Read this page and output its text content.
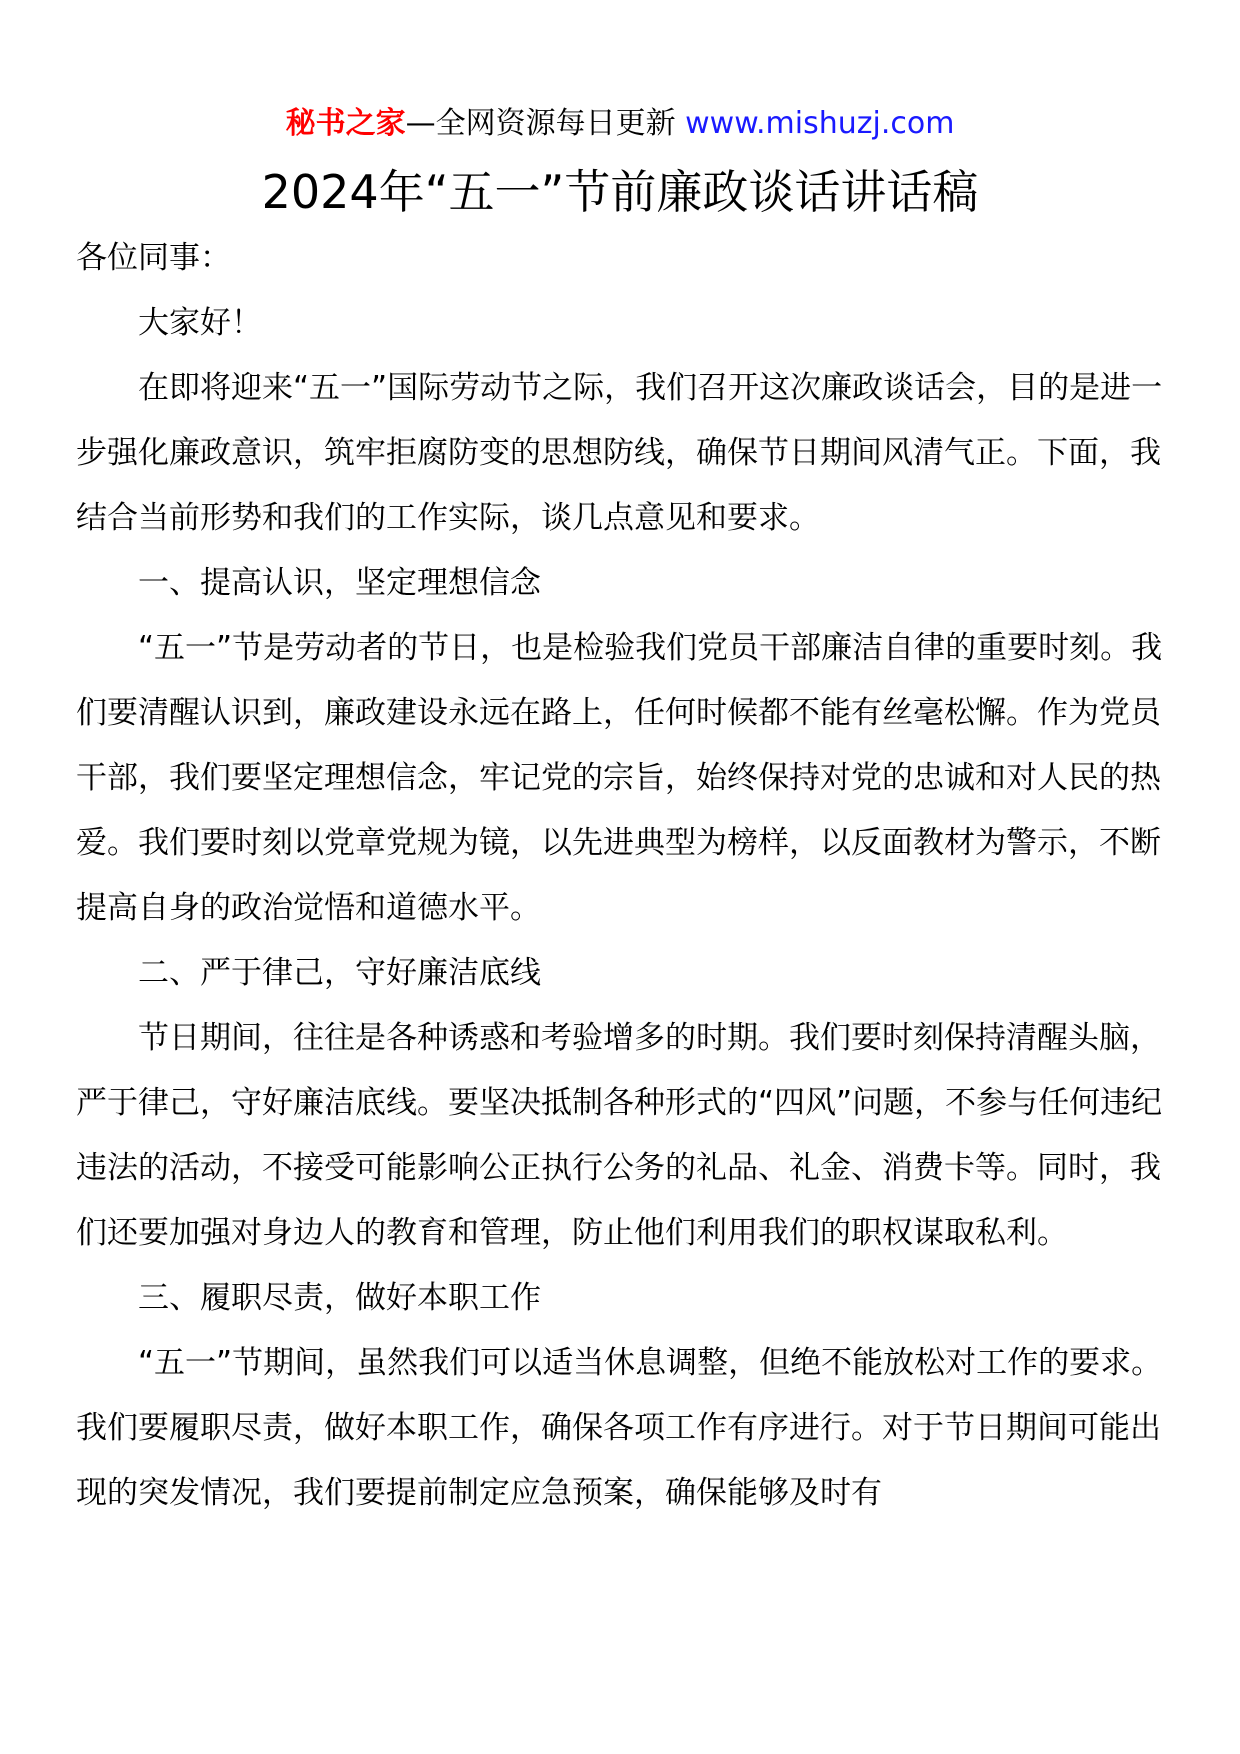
秘书之家—全网资源每日更新 www.mishuzj.com
2024年“五一”节前廉政谈话讲话稿

各位同事：

大家好！

在即将迎来“五一”国际劳动节之际，我们召开这次廉政谈话会，目的是进一步强化廉政意识，筑牢拒腐防变的思想防线，确保节日期间风清气正。下面，我结合当前形势和我们的工作实际，谈几点意见和要求。

一、提高认识，坚定理想信念

“五一”节是劳动者的节日，也是检验我们党员干部廉洁自律的重要时刻。我们要清醒认识到，廉政建设永远在路上，任何时候都不能有丝毫松懈。作为党员干部，我们要坚定理想信念，牢记党的宗旨，始终保持对党的忠诚和对人民的热爱。我们要时刻以党章党规为镜，以先进典型为榜样，以反面教材为警示，不断提高自身的政治觉悟和道德水平。

二、严于律己，守好廉洁底线

节日期间，往往是各种诱惑和考验增多的时期。我们要时刻保持清醒头脑，严于律己，守好廉洁底线。要坚决抵制各种形式的“四风”问题，不参与任何违纪违法的活动，不接受可能影响公正执行公务的礼品、礼金、消费卡等。同时，我们还要加强对身边人的教育和管理，防止他们利用我们的职权谋取私利。

三、履职尽责，做好本职工作

“五一”节期间，虽然我们可以适当休息调整，但绝不能放松对工作的要求。我们要履职尽责，做好本职工作，确保各项工作有序进行。对于节日期间可能出现的突发情况，我们要提前制定应急预案，确保能够及时有
